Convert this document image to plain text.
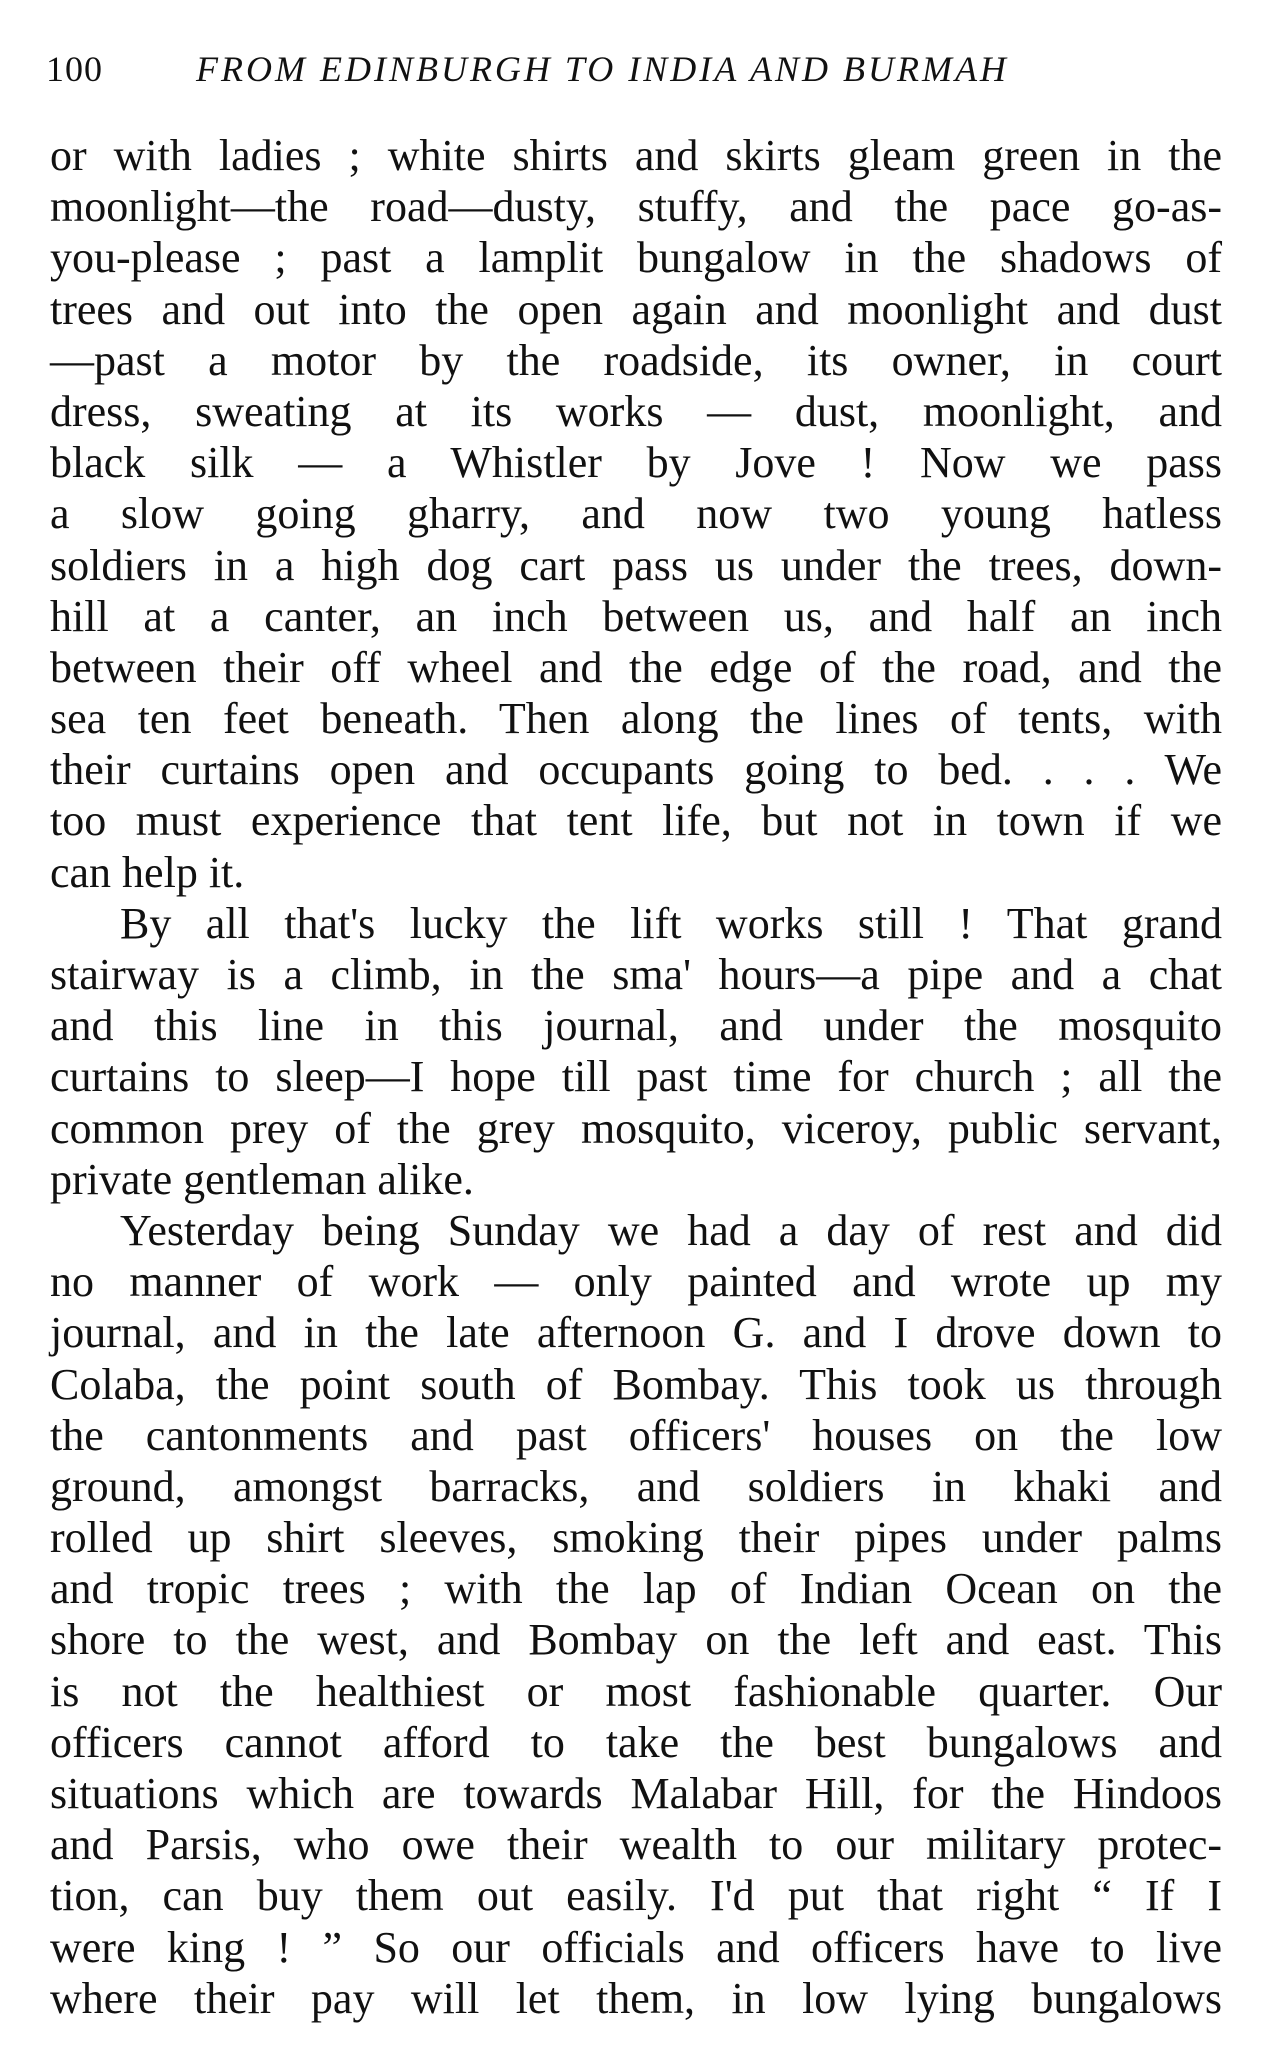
100	FROM EDINBURGH TO INDIA AND BURMAH
or with ladies ; white shirts and skirts gleam green in the
moonlight—the road—dusty, stuffy, and the pace go-as-
you-please ; past a lamplit bungalow in the shadows of
trees and out into the open again and moonlight and dust
—past a motor by the roadside, its owner, in court
dress, sweating at its works — dust, moonlight, and
black silk — a Whistler by Jove ! Now we pass
a slow going gharry, and now two young hatless
soldiers in a high dog cart pass us under the trees, down-
hill at a canter, an inch between us, and half an inch
between their off wheel and the edge of the road, and the
sea ten feet beneath. Then along the lines of tents, with
their curtains open and occupants going to bed. . . . We
too must experience that tent life, but not in town if we
can help it.
By all that's lucky the lift works still ! That grand
stairway is a climb, in the sma' hours—a pipe and a chat
and this line in this journal, and under the mosquito
curtains to sleep—I hope till past time for church ; all the
common prey of the grey mosquito, viceroy, public servant,
private gentleman alike.
Yesterday being Sunday we had a day of rest and did
no manner of work — only painted and wrote up my
journal, and in the late afternoon G. and I drove down to
Colaba, the point south of Bombay. This took us through
the cantonments and past officers' houses on the low
ground, amongst barracks, and soldiers in khaki and
rolled up shirt sleeves, smoking their pipes under palms
and tropic trees ; with the lap of Indian Ocean on the
shore to the west, and Bombay on the left and east. This
is not the healthiest or most fashionable quarter. Our
officers cannot afford to take the best bungalows and
situations which are towards Malabar Hill, for the Hindoos
and Parsis, who owe their wealth to our military protec-
tion, can buy them out easily. I'd put that right “ If I
were king ! ” So our officials and officers have to live
where their pay will let them, in low lying bungalows
